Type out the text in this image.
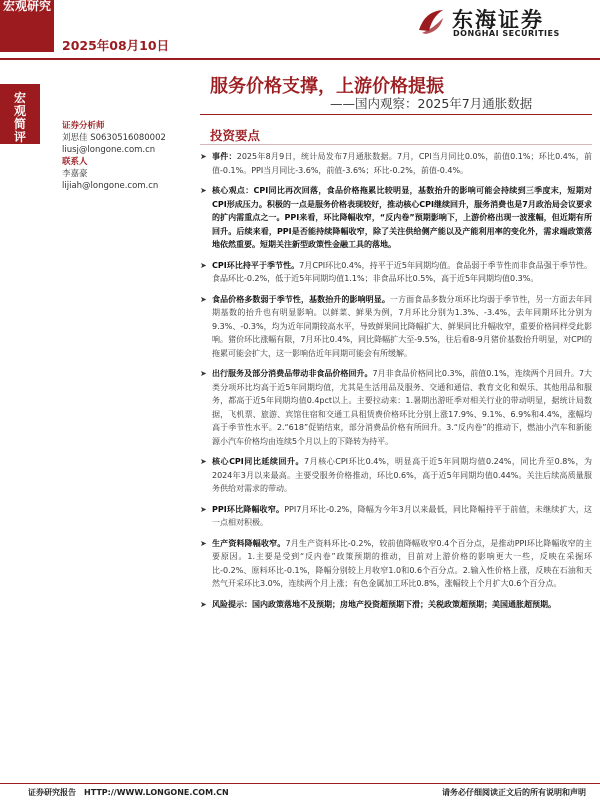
宏观研究
2025年08月10日
东海证券
DONGHAI SECURITIES
宏观简评
服务价格支撑，上游价格提振
——国内观察：2025年7月通胀数据
证券分析师
刘思佳 S0630516080002
liusj@longone.com.cn
联系人
李嘉豪
lijiah@longone.com.cn
投资要点
➤ 事件：2025年8月9日，统计局发布7月通胀数据。7月，CPI当月同比0.0%，前值0.1%；环比0.4%，前值-0.1%。PPI当月同比-3.6%，前值-3.6%；环比-0.2%，前值-0.4%。
➤ 核心观点：CPI同比再次回落，食品价格拖累比较明显，基数抬升的影响可能会持续到三季度末，短期对CPI形成压力。积极的一点是服务价格表现较好，推动核心CPI继续回升，服务消费也是7月政治局会议要求的扩内需重点之一。PPI来看，环比降幅收窄，“反内卷”预期影响下，上游价格出现一波涨幅，但近期有所回升。后续来看，PPI是否能持续降幅收窄，除了关注供给侧产能以及产能利用率的变化外，需求端政策落地依然重要。短期关注新型政策性金融工具的落地。
➤ CPI环比持平于季节性。7月CPI环比0.4%，持平于近5年同期均值。食品弱于季节性而非食品强于季节性。食品环比-0.2%，低于近5年同期均值1.1%；非食品环比0.5%，高于近5年同期均值0.3%。
➤ 食品价格多数弱于季节性，基数抬升的影响明显。一方面食品多数分项环比均弱于季节性，另一方面去年同期基数的抬升也有明显影响。以鲜菜、鲜果为例，7月环比分别为1.3%、-3.4%，去年同期环比分别为9.3%、-0.3%，均为近年同期较高水平，导致鲜果同比降幅扩大、鲜果同比升幅收窄，重要价格同样受此影响。猪价环比涨幅有限，7月环比0.4%，同比降幅扩大至-9.5%，往后看8-9月猪价基数抬升明显，对CPI的拖累可能会扩大，这一影响估近年同期可能会有所缓解。
➤ 出行服务及部分消费品带动非食品价格回升。7月非食品价格同比0.3%，前值0.1%，连续两个月回升。7大类分项环比均高于近5年同期均值，尤其是生活用品及服务、交通和通信、教育文化和娱乐、其他用品和服务，都高于近5年同期均值0.4pct以上。主要拉动来：1.暑期出游旺季对相关行业的带动明显，据统计局数据，飞机票、旅游、宾馆住宿和交通工具租赁费价格环比分别上涨17.9%、9.1%、6.9%和4.4%，涨幅均高于季节性水平。2.“618”促销结束，部分消费品价格有所回升。3.“反内卷”的推动下，燃油小汽车和新能源小汽车价格均由连续5个月以上的下降转为持平。
➤ 核心CPI同比延续回升。7月核心CPI环比0.4%，明显高于近5年同期均值0.24%，同比升至0.8%，为2024年3月以来最高。主要受服务价格推动，环比0.6%，高于近5年同期均值0.44%。关注后续高质量服务供给对需求的带动。
➤ PPI环比降幅收窄。PPI7月环比-0.2%，降幅为今年3月以来最低，同比降幅持平于前值，未继续扩大，这一点相对积极。
➤ 生产资料降幅收窄。7月生产资料环比-0.2%，较前值降幅收窄0.4个百分点，是推动PPI环比降幅收窄的主要原因。1.主要是受到“反内卷”政策预期的推动，目前对上游价格的影响更大一些，反映在采掘环比-0.2%、原料环比-0.1%，降幅分别较上月收窄1.0和0.6个百分点。2.输入性价格上涨，反映在石油和天然气开采环比3.0%，连续两个月上涨；有色金属加工环比0.8%，涨幅较上个月扩大0.6个百分点。
➤ 风险提示：国内政策落地不及预期；房地产投资超预期下滑；关税政策超预期；美国通胀超预期。
证券研究报告　HTTP://WWW.LONGONE.COM.CN	请务必仔细阅读正文后的所有说明和声明
